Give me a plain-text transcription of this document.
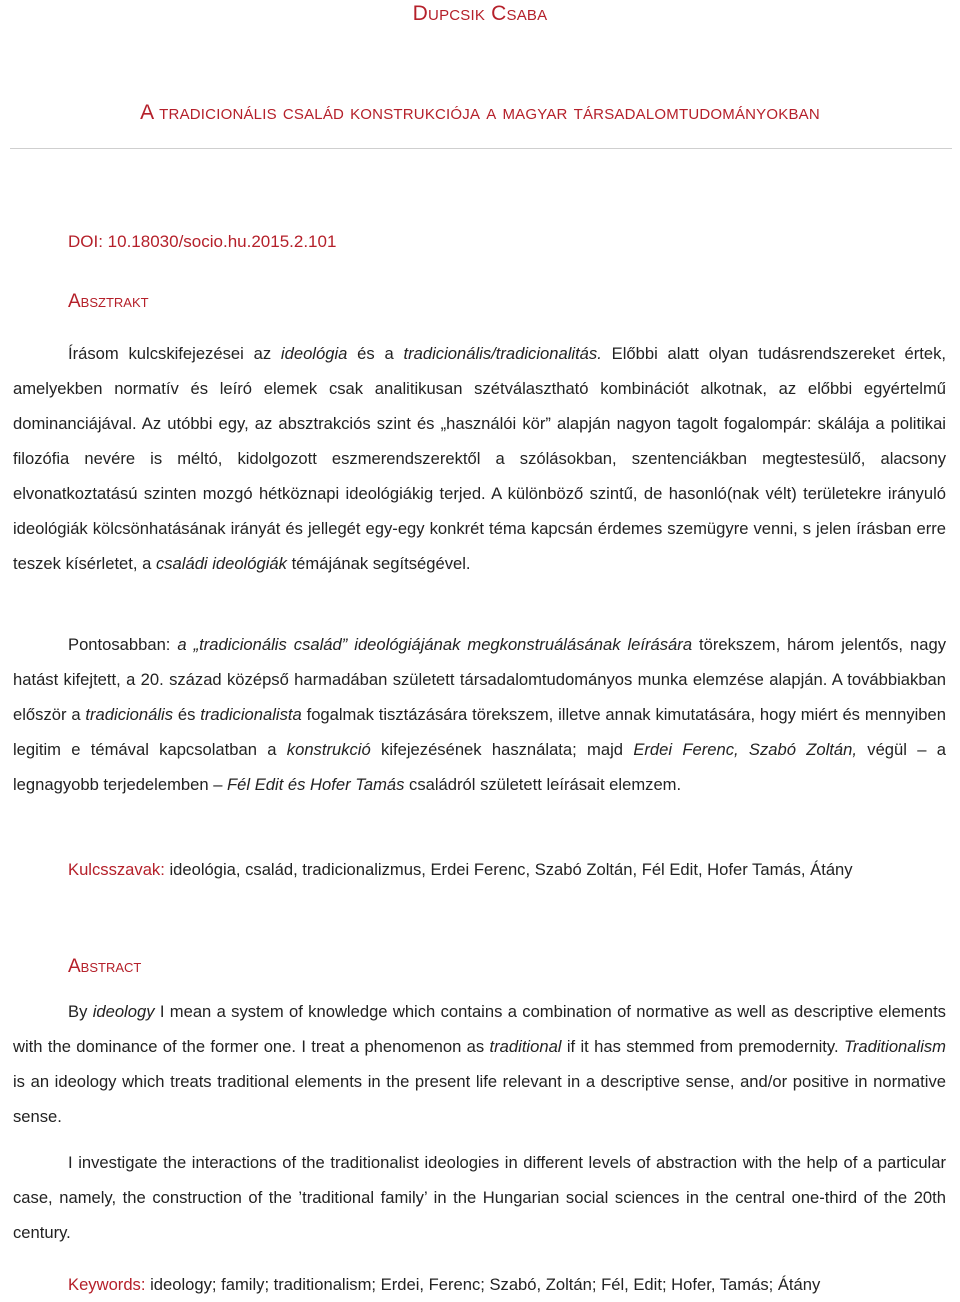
Dupcsik Csaba
A tradicionális család konstrukciója a magyar társadalomtudományokban
DOI: 10.18030/socio.hu.2015.2.101
Absztrakt

Írásom kulcskifejezései az ideológia és a tradicionális/tradicionalitás. Előbbi alatt olyan tudásrendszereket értek, amelyekben normatív és leíró elemek csak analitikusan szétválasztható kombinációt alkotnak, az előbbi egyértelmű dominanciájával. Az utóbbi egy, az absztrakciós szint és „használói kör” alapján nagyon tagolt fogalompár: skálája a politikai filozófia nevére is méltó, kidolgozott eszmerendszerektől a szólásokban, szentenciákban megtestesülő, alacsony elvonatkoztatású szinten mozgó hétköznapi ideológiákig terjed. A különböző szintű, de hasonló(nak vélt) területekre irányuló ideológiák kölcsönhatásának irányát és jellegét egy-egy konkrét téma kapcsán érdemes szemügyre venni, s jelen írásban erre teszek kísérletet, a családi ideológiák témájának segítségével.

Pontosabban: a „tradicionális család” ideológiájának megkonstruálásának leírására törekszem, három jelentős, nagy hatást kifejtett, a 20. század középső harmadában született társadalomtudományos munka elemzése alapján. A továbbiakban először a tradicionális és tradicionalista fogalmak tisztázására törekszem, illetve annak kimutatására, hogy miért és mennyiben legitim e témával kapcsolatban a konstrukció kifejezésének használata; majd Erdei Ferenc, Szabó Zoltán, végül – a legnagyobb terjedelemben – Fél Edit és Hofer Tamás családról született leírásait elemzem.

Kulcsszavak: ideológia, család, tradicionalizmus, Erdei Ferenc, Szabó Zoltán, Fél Edit, Hofer Tamás, Átány

Abstract

By ideology I mean a system of knowledge which contains a combination of normative as well as descriptive elements with the dominance of the former one. I treat a phenomenon as traditional if it has stemmed from premodernity. Traditionalism is an ideology which treats traditional elements in the present life relevant in a descriptive sense, and/or positive in normative sense.

I investigate the interactions of the traditionalist ideologies in different levels of abstraction with the help of a particular case, namely, the construction of the ’traditional family’ in the Hungarian social sciences in the central one-third of the 20th century.

Keywords: ideology; family; traditionalism; Erdei, Ferenc; Szabó, Zoltán; Fél, Edit; Hofer, Tamás; Átány
